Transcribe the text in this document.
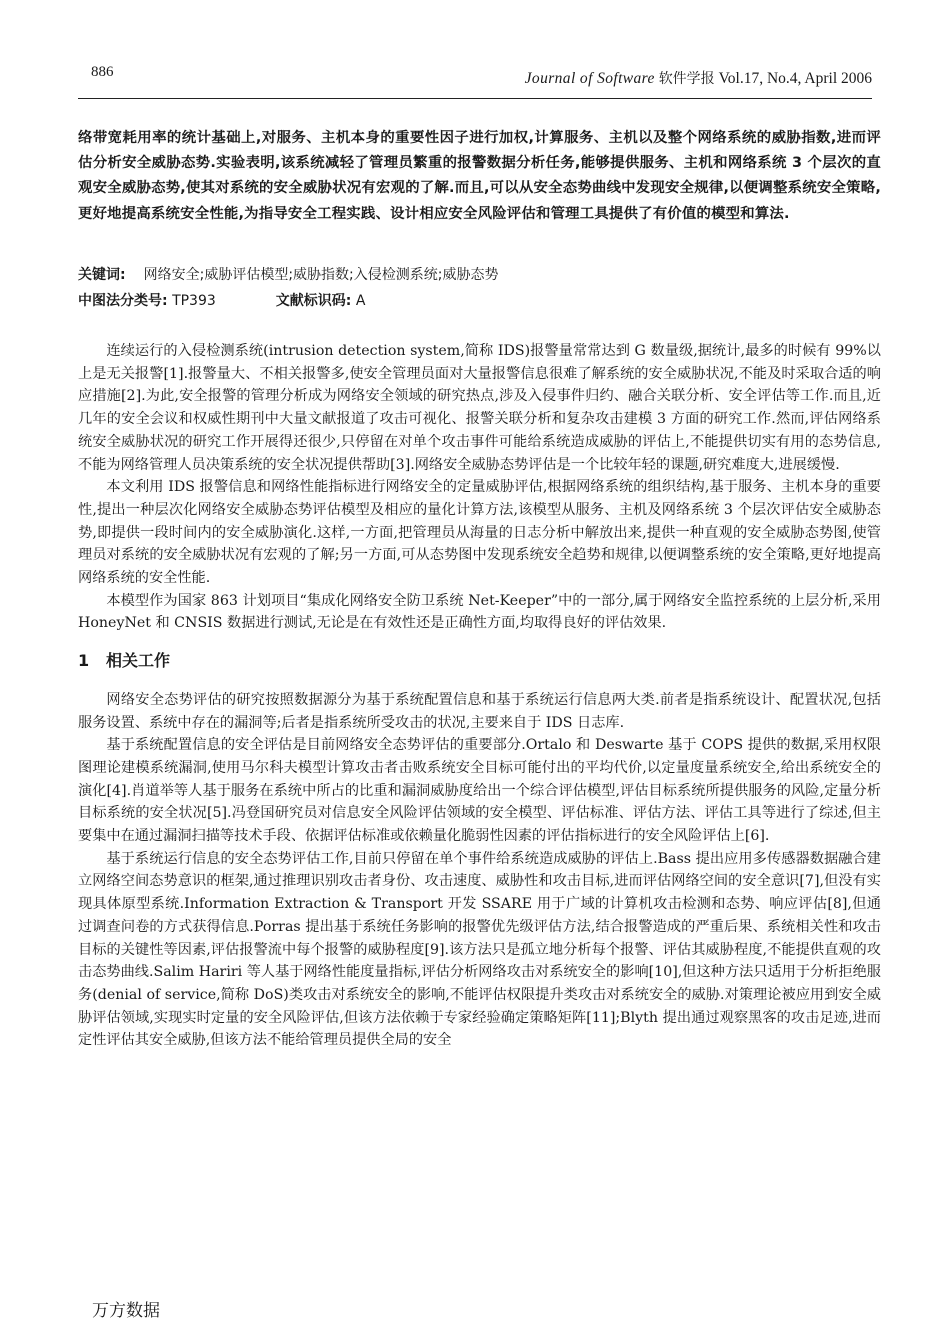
886	Journal of Software 软件学报 Vol.17, No.4, April 2006
络带宽耗用率的统计基础上,对服务、主机本身的重要性因子进行加权,计算服务、主机以及整个网络系统的威胁指数,进而评估分析安全威胁态势.实验表明,该系统减轻了管理员繁重的报警数据分析任务,能够提供服务、主机和网络系统 3 个层次的直观安全威胁态势,使其对系统的安全威胁状况有宏观的了解.而且,可以从安全态势曲线中发现安全规律,以便调整系统安全策略,更好地提高系统安全性能,为指导安全工程实践、设计相应安全风险评估和管理工具提供了有价值的模型和算法.
关键词: 网络安全;威胁评估模型;威胁指数;入侵检测系统;威胁态势
中图法分类号: TP393	文献标识码: A

连续运行的入侵检测系统(intrusion detection system,简称 IDS)报警量常常达到 G 数量级,据统计,最多的时候有 99%以上是无关报警[1].报警量大、不相关报警多,使安全管理员面对大量报警信息很难了解系统的安全威胁状况,不能及时采取合适的响应措施[2].为此,安全报警的管理分析成为网络安全领域的研究热点,涉及入侵事件归约、融合关联分析、安全评估等工作.而且,近几年的安全会议和权威性期刊中大量文献报道了攻击可视化、报警关联分析和复杂攻击建模 3 方面的研究工作.然而,评估网络系统安全威胁状况的研究工作开展得还很少,只停留在对单个攻击事件可能给系统造成威胁的评估上,不能提供切实有用的态势信息,不能为网络管理人员决策系统的安全状况提供帮助[3].网络安全威胁态势评估是一个比较年轻的课题,研究难度大,进展缓慢.

本文利用 IDS 报警信息和网络性能指标进行网络安全的定量威胁评估,根据网络系统的组织结构,基于服务、主机本身的重要性,提出一种层次化网络安全威胁态势评估模型及相应的量化计算方法,该模型从服务、主机及网络系统 3 个层次评估安全威胁态势,即提供一段时间内的安全威胁演化.这样,一方面,把管理员从海量的日志分析中解放出来,提供一种直观的安全威胁态势图,使管理员对系统的安全威胁状况有宏观的了解;另一方面,可从态势图中发现系统安全趋势和规律,以便调整系统的安全策略,更好地提高网络系统的安全性能.

本模型作为国家 863 计划项目“集成化网络安全防卫系统 Net-Keeper”中的一部分,属于网络安全监控系统的上层分析,采用 HoneyNet 和 CNSIS 数据进行测试,无论是在有效性还是正确性方面,均取得良好的评估效果.

1 相关工作

网络安全态势评估的研究按照数据源分为基于系统配置信息和基于系统运行信息两大类.前者是指系统设计、配置状况,包括服务设置、系统中存在的漏洞等;后者是指系统所受攻击的状况,主要来自于 IDS 日志库.

基于系统配置信息的安全评估是目前网络安全态势评估的重要部分.Ortalo 和 Deswarte 基于 COPS 提供的数据,采用权限图理论建模系统漏洞,使用马尔科夫模型计算攻击者击败系统安全目标可能付出的平均代价,以定量度量系统安全,给出系统安全的演化[4].肖道举等人基于服务在系统中所占的比重和漏洞威胁度给出一个综合评估模型,评估目标系统所提供服务的风险,定量分析目标系统的安全状况[5].冯登国研究员对信息安全风险评估领域的安全模型、评估标准、评估方法、评估工具等进行了综述,但主要集中在通过漏洞扫描等技术手段、依据评估标准或依赖量化脆弱性因素的评估指标进行的安全风险评估上[6].

基于系统运行信息的安全态势评估工作,目前只停留在单个事件给系统造成威胁的评估上.Bass 提出应用多传感器数据融合建立网络空间态势意识的框架,通过推理识别攻击者身份、攻击速度、威胁性和攻击目标,进而评估网络空间的安全意识[7],但没有实现具体原型系统.Information Extraction & Transport 开发 SSARE 用于广域的计算机攻击检测和态势、响应评估[8],但通过调查问卷的方式获得信息.Porras 提出基于系统任务影响的报警优先级评估方法,结合报警造成的严重后果、系统相关性和攻击目标的关键性等因素,评估报警流中每个报警的威胁程度[9].该方法只是孤立地分析每个报警、评估其威胁程度,不能提供直观的攻击态势曲线.Salim Hariri 等人基于网络性能度量指标,评估分析网络攻击对系统安全的影响[10],但这种方法只适用于分析拒绝服务(denial of service,简称 DoS)类攻击对系统安全的影响,不能评估权限提升类攻击对系统安全的威胁.对策理论被应用到安全威胁评估领域,实现实时定量的安全风险评估,但该方法依赖于专家经验确定策略矩阵[11];Blyth 提出通过观察黑客的攻击足迹,进而定性评估其安全威胁,但该方法不能给管理员提供全局的安全

万方数据
